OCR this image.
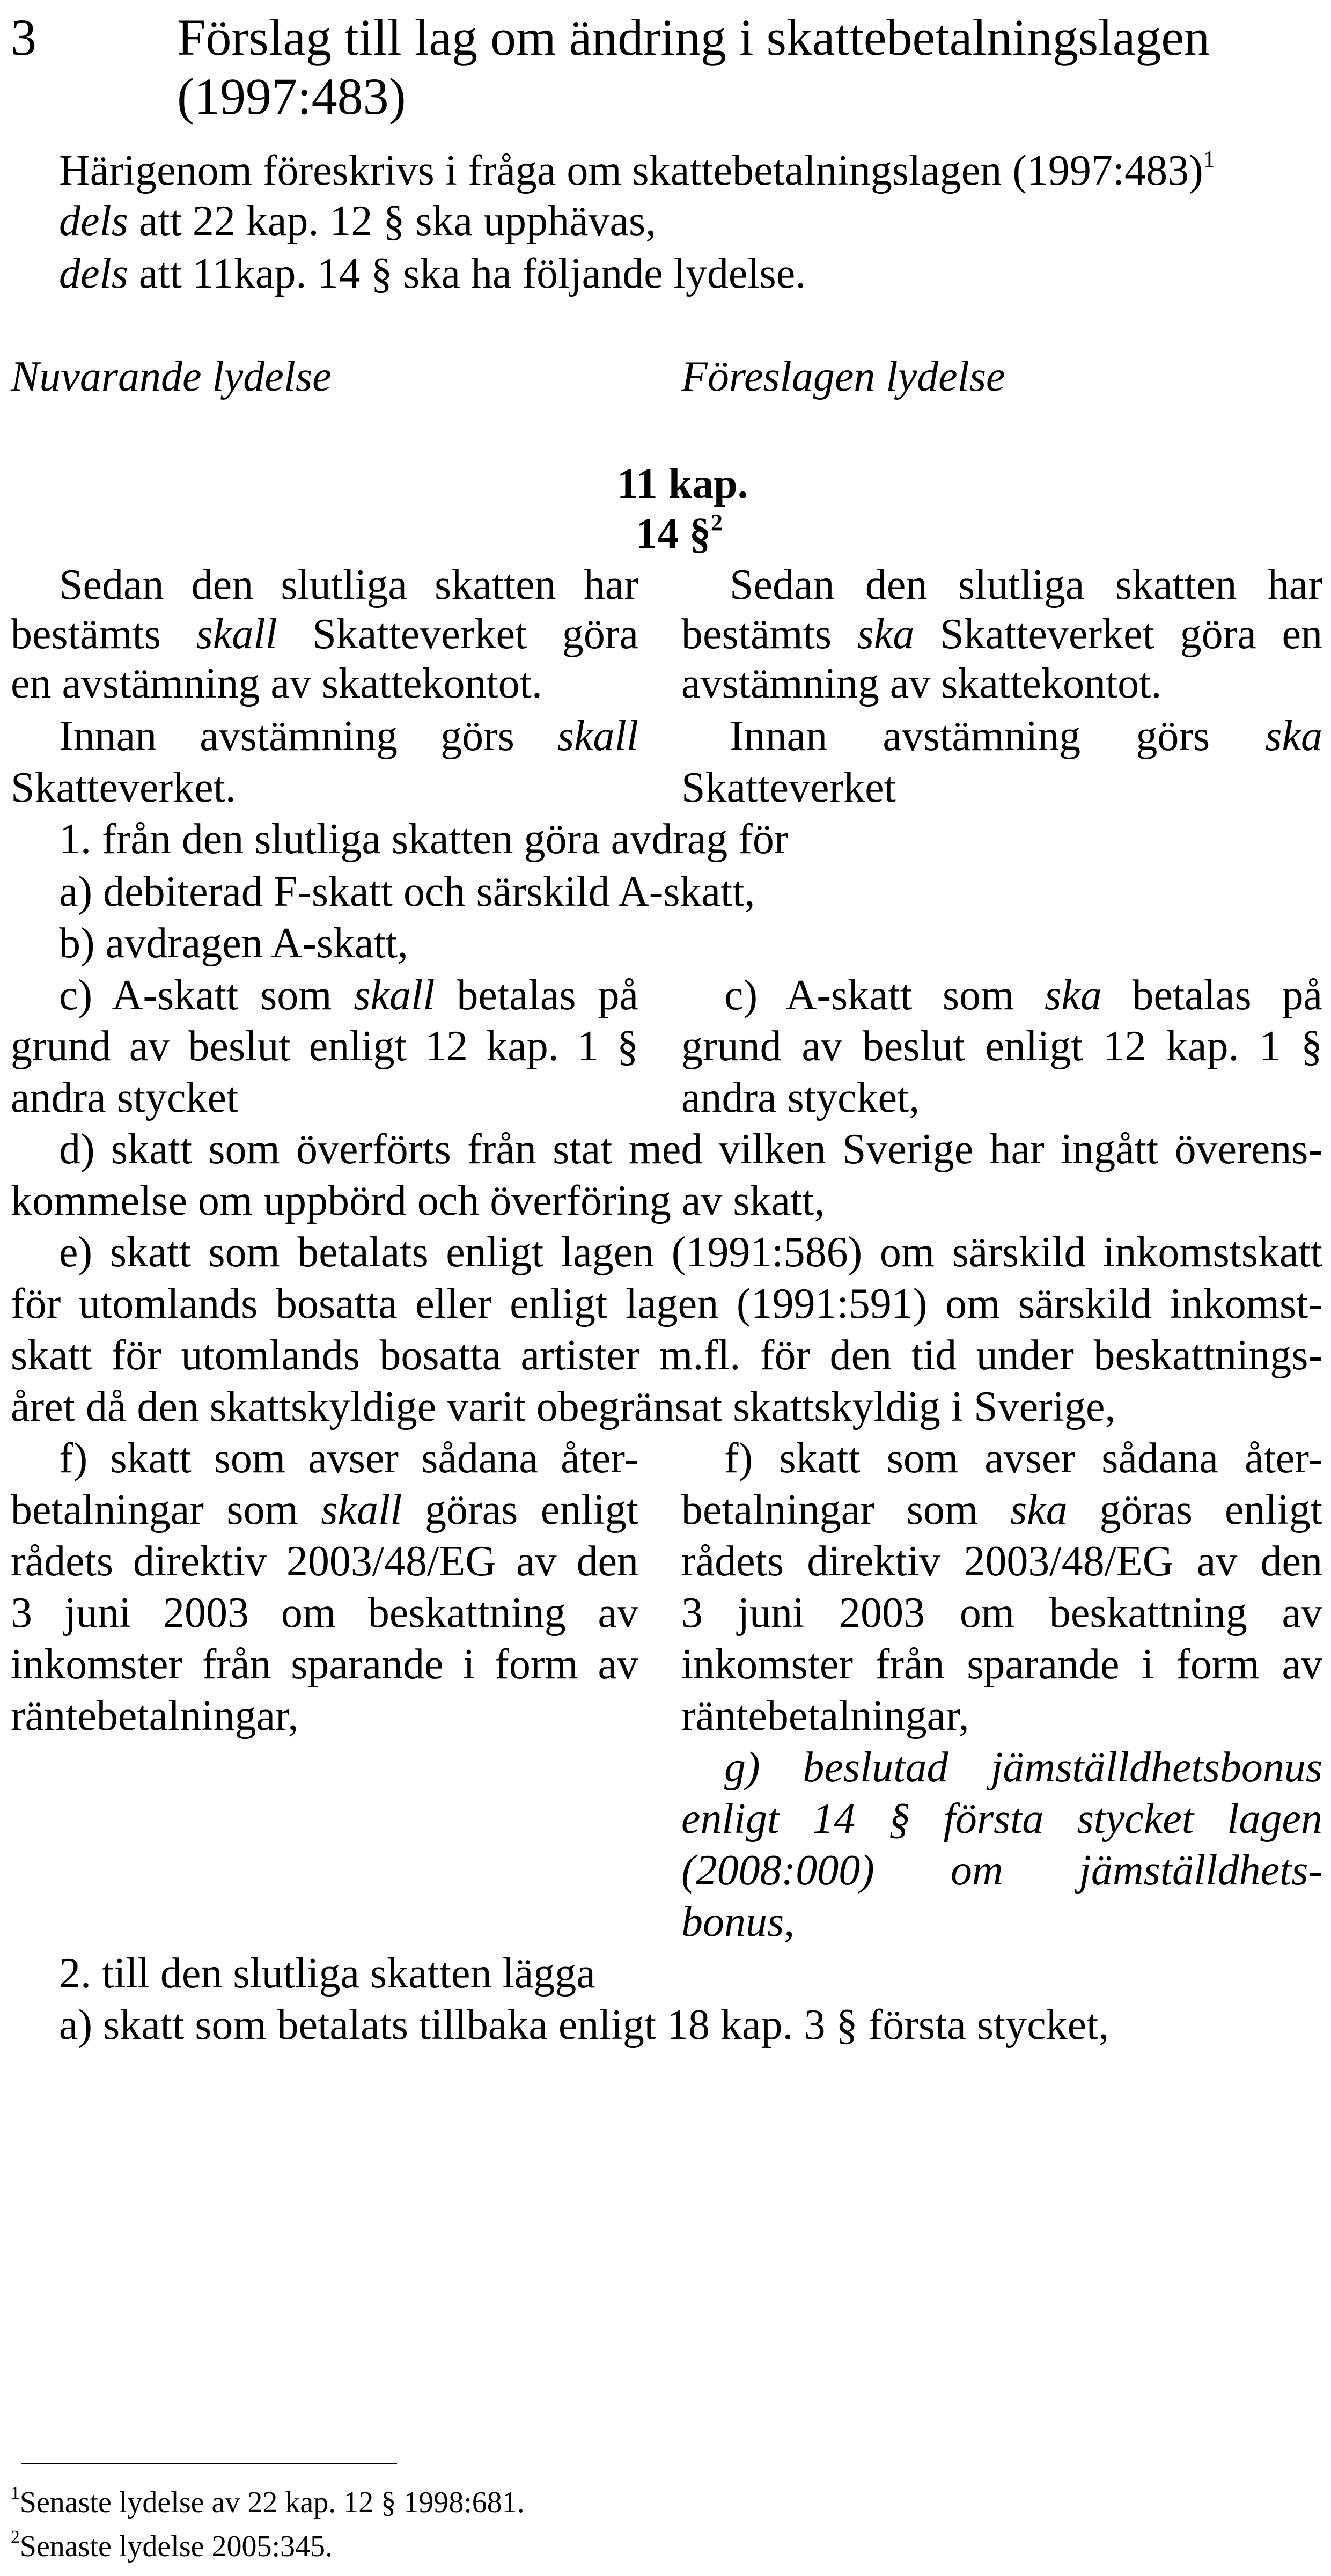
3	Förslag till lag om ändring i skattebetalningslagen
(1997:483)
Härigenom föreskrivs i fråga om skattebetalningslagen (1997:483)$^1$
dels att 22 kap. 12 § ska upphävas,
dels att 11kap. 14 § ska ha följande lydelse.
Nuvarande lydelse	Föreslagen lydelse
11 kap.
14 §$^2$
Sedan den slutliga skatten har
bestämts skall Skatteverket göra
en avstämning av skattekontot.
Sedan den slutliga skatten har
bestämts ska Skatteverket göra en
avstämning av skattekontot.
Innan avstämning görs skall
Skatteverket.
Innan avstämning görs ska
Skatteverket
1. från den slutliga skatten göra avdrag för
a) debiterad F-skatt och särskild A-skatt,
b) avdragen A-skatt,
c) A-skatt som skall betalas på
grund av beslut enligt 12 kap. 1 §
andra stycket
c) A-skatt som ska betalas på
grund av beslut enligt 12 kap. 1 §
andra stycket,
d) skatt som överförts från stat med vilken Sverige har ingått överens-
kommelse om uppbörd och överföring av skatt,
e) skatt som betalats enligt lagen (1991:586) om särskild inkomstskatt
för utomlands bosatta eller enligt lagen (1991:591) om särskild inkomst-
skatt för utomlands bosatta artister m.fl. för den tid under beskattnings-
året då den skattskyldige varit obegränsat skattskyldig i Sverige,
f) skatt som avser sådana åter-
betalningar som skall göras enligt
rådets direktiv 2003/48/EG av den
3 juni 2003 om beskattning av
inkomster från sparande i form av
räntebetalningar,
f) skatt som avser sådana åter-
betalningar som ska göras enligt
rådets direktiv 2003/48/EG av den
3 juni 2003 om beskattning av
inkomster från sparande i form av
räntebetalningar,
g) beslutad jämställdhetsbonus
enligt 14 § första stycket lagen
(2008:000) om jämställdhets-
bonus,
2. till den slutliga skatten lägga
a) skatt som betalats tillbaka enligt 18 kap. 3 § första stycket,
$^1$Senaste lydelse av 22 kap. 12 § 1998:681.
$^2$Senaste lydelse 2005:345.
